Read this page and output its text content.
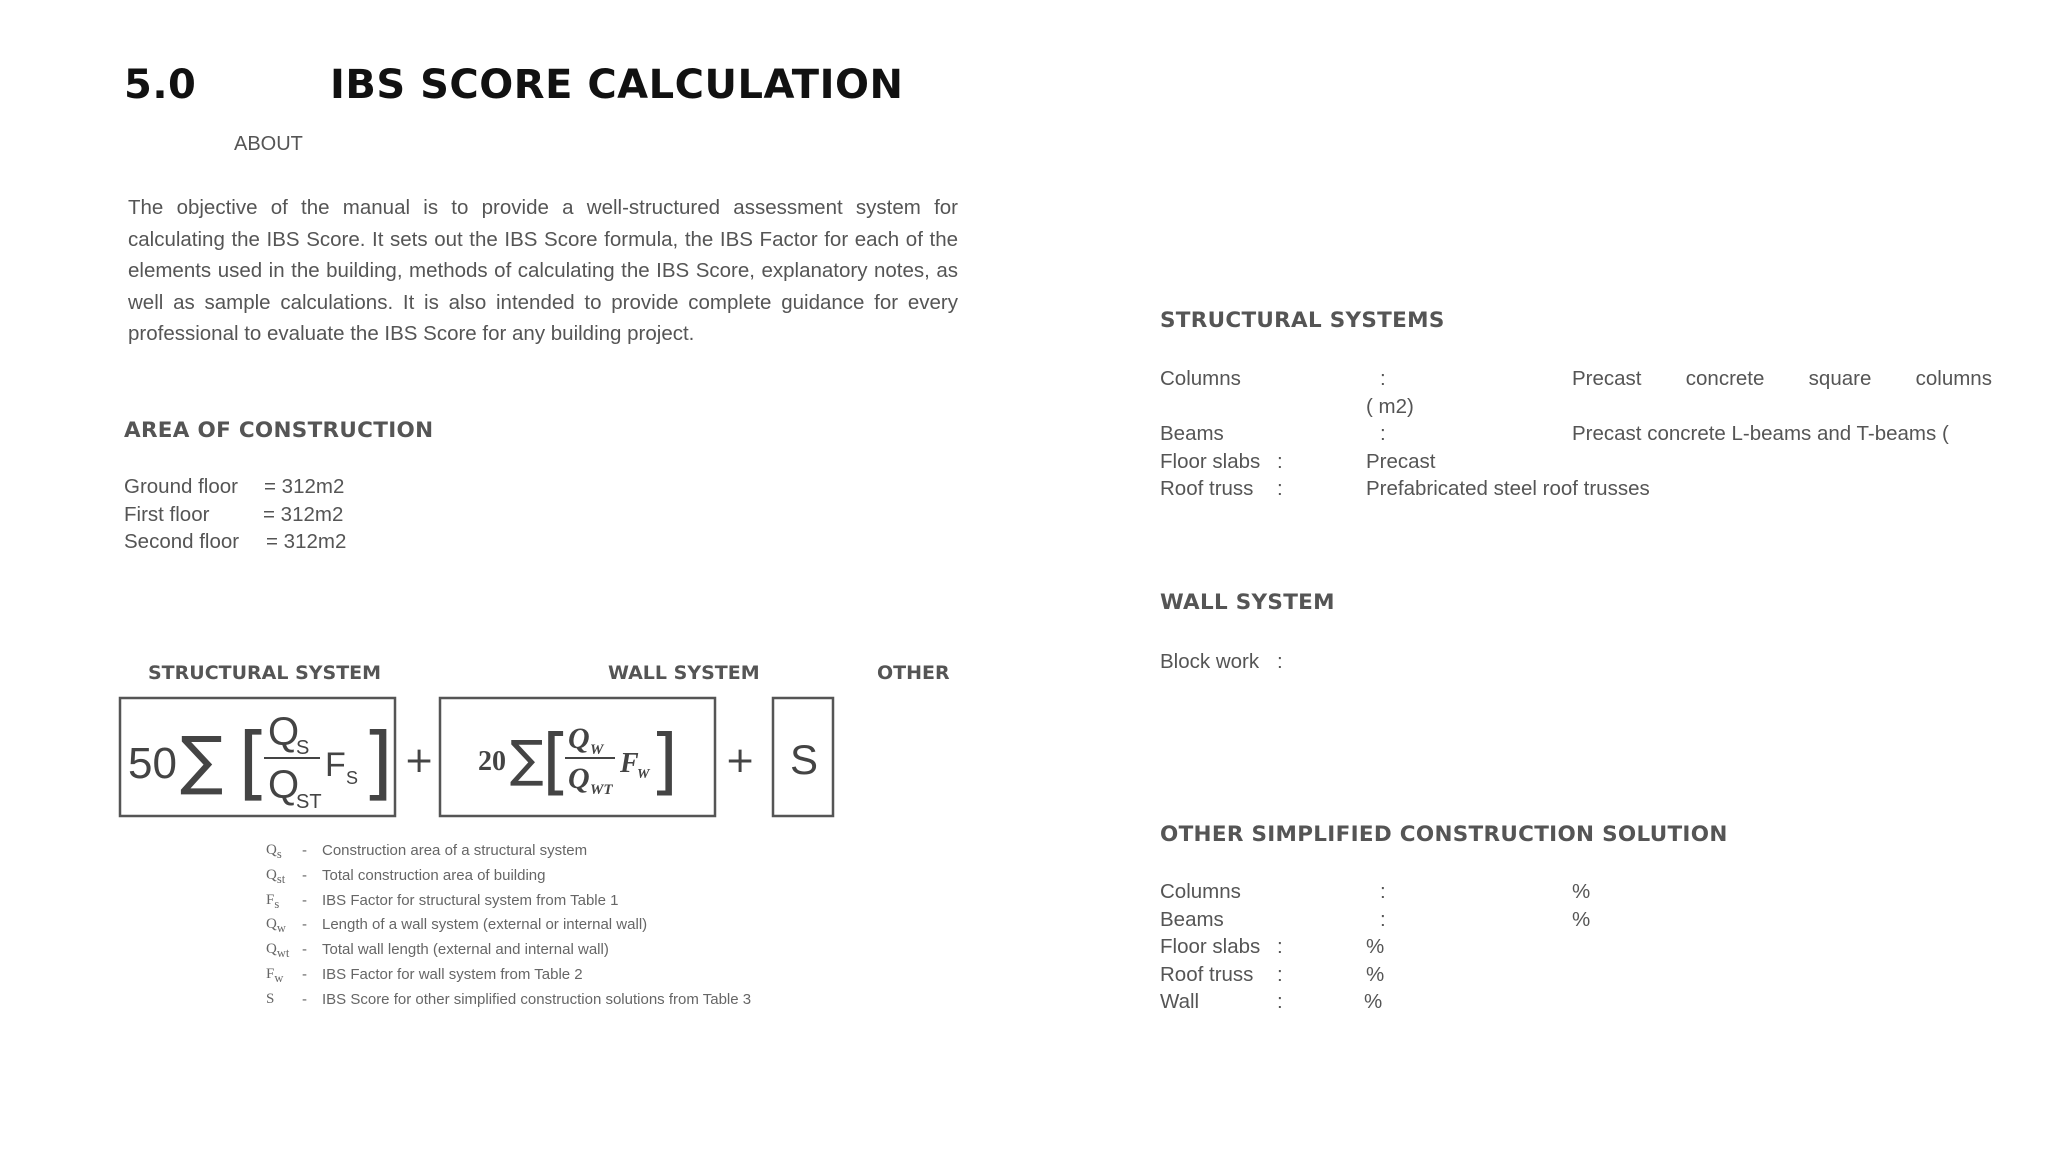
5.0	IBS SCORE CALCULATION
ABOUT
The objective of the manual is to provide a well-structured assessment system for calculating the IBS Score. It sets out the IBS Score formula, the IBS Factor for each of the elements used in the building, methods of calculating the IBS Score, explanatory notes, as well as sample calculations. It is also intended to provide complete guidance for every professional to evaluate the IBS Score for any building project.
AREA OF CONSTRUCTION
Ground floor = 312m2
First floor	= 312m2
Second floor = 312m2
STRUCTURAL SYSTEM	WALL SYSTEM	OTHER
50 ∑ [
Q
S
Q
ST
F S ] + 20 ∑
[
Q W
Q WT
F
W ] + S
$Q_s$ - Construction area of a structural system
$Q_{st}$ - Total construction area of building
$F_s$ - IBS Factor for structural system from Table 1
$Q_w$ - Length of a wall system (external or internal wall)
$Q_{wt}$ - Total wall length (external and internal wall)
$F_w$ - IBS Factor for wall system from Table 2
S - IBS Score for other simplified construction solutions from Table 3
STRUCTURAL SYSTEMS
Columns	:	Precast concrete square columns
( m2)
Beams	:	Precast concrete L-beams and T-beams (
Floor slabs :	Precast
Roof truss :	Prefabricated steel roof trusses
WALL SYSTEM
Block work :
OTHER SIMPLIFIED CONSTRUCTION SOLUTION
Columns	:	%
Beams	:	%
Floor slabs :	%
Roof truss :	%
Wall	:	%
